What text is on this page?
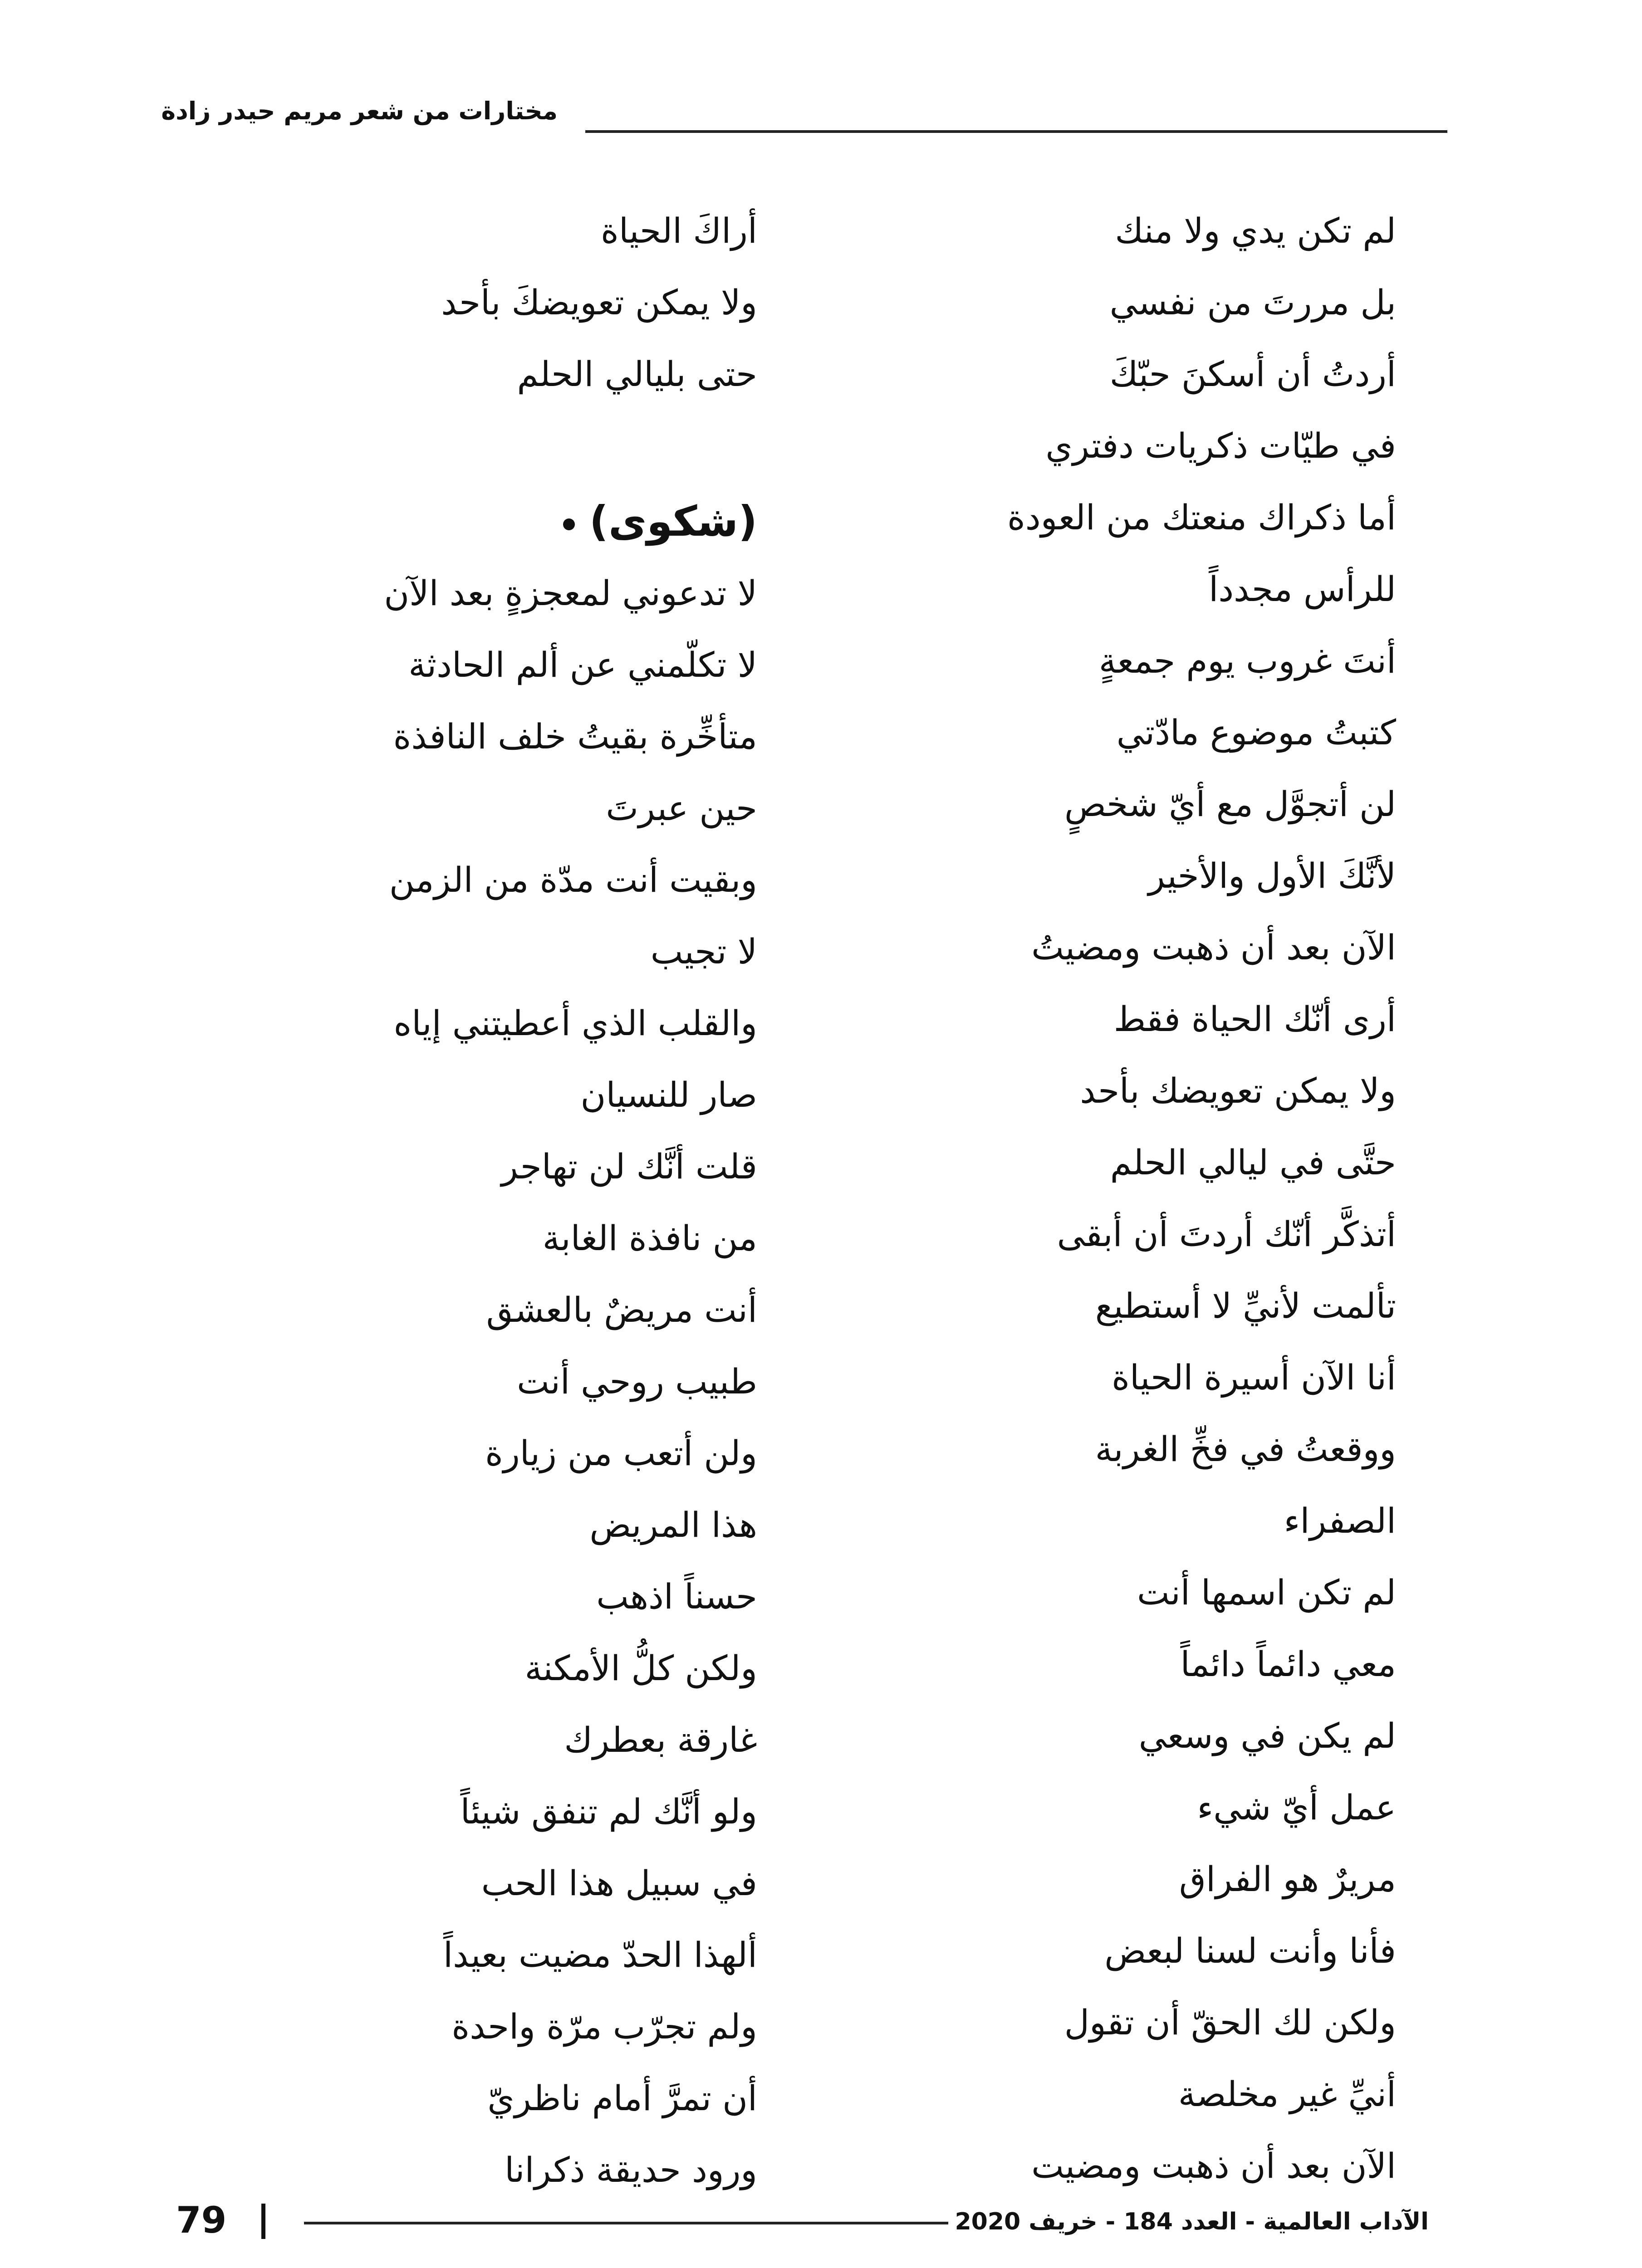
مختارات من شعر مريم حيدر زادة
لم تكن يدي ولا منك
بل مررتَ من نفسي
أردتُ أن أسكنَ حبّكَ
في طيّات ذكريات دفتري
أما ذكراك منعتك من العودة
للرأس مجدداً
أنتَ غروب يوم جمعةٍ
كتبتُ موضوع مادّتي
لن أتجوَّل مع أيّ شخصٍ
لأنَّكَ الأول والأخير
الآن بعد أن ذهبت ومضيتُ
أرى أنّك الحياة فقط
ولا يمكن تعويضك بأحد
حتَّى في ليالي الحلم
أتذكَّر أنّك أردتَ أن أبقى
تألمت لأنيِّ لا أستطيع
أنا الآن أسيرة الحياة
ووقعتُ في فخِّ الغربة
الصفراء
لم تكن اسمها أنت
معي دائماً دائماً
لم يكن في وسعي
عمل أيّ شيء
مريرٌ هو الفراق
فأنا وأنت لسنا لبعض
ولكن لك الحقّ أن تقول
أنيِّ غير مخلصة
الآن بعد أن ذهبت ومضيت
أراكَ الحياة
ولا يمكن تعويضكَ بأحد
حتى بليالي الحلم
(شكوى)
لا تدعوني لمعجزةٍ بعد الآن
لا تكلّمني عن ألم الحادثة
متأخِّرة بقيتُ خلف النافذة
حين عبرتَ
وبقيت أنت مدّة من الزمن
لا تجيب
والقلب الذي أعطيتني إياه
صار للنسيان
قلت أنَّك لن تهاجر
من نافذة الغابة
أنت مريضٌ بالعشق
طبيب روحي أنت
ولن أتعب من زيارة
هذا المريض
حسناً اذهب
ولكن كلُّ الأمكنة
غارقة بعطرك
ولو أنَّك لم تنفق شيئاً
في سبيل هذا الحب
ألهذا الحدّ مضيت بعيداً
ولم تجرّب مرّة واحدة
أن تمرَّ أمام ناظريّ
ورود حديقة ذكرانا
الآداب العالمية - العدد 184 - خريف 2020
79
